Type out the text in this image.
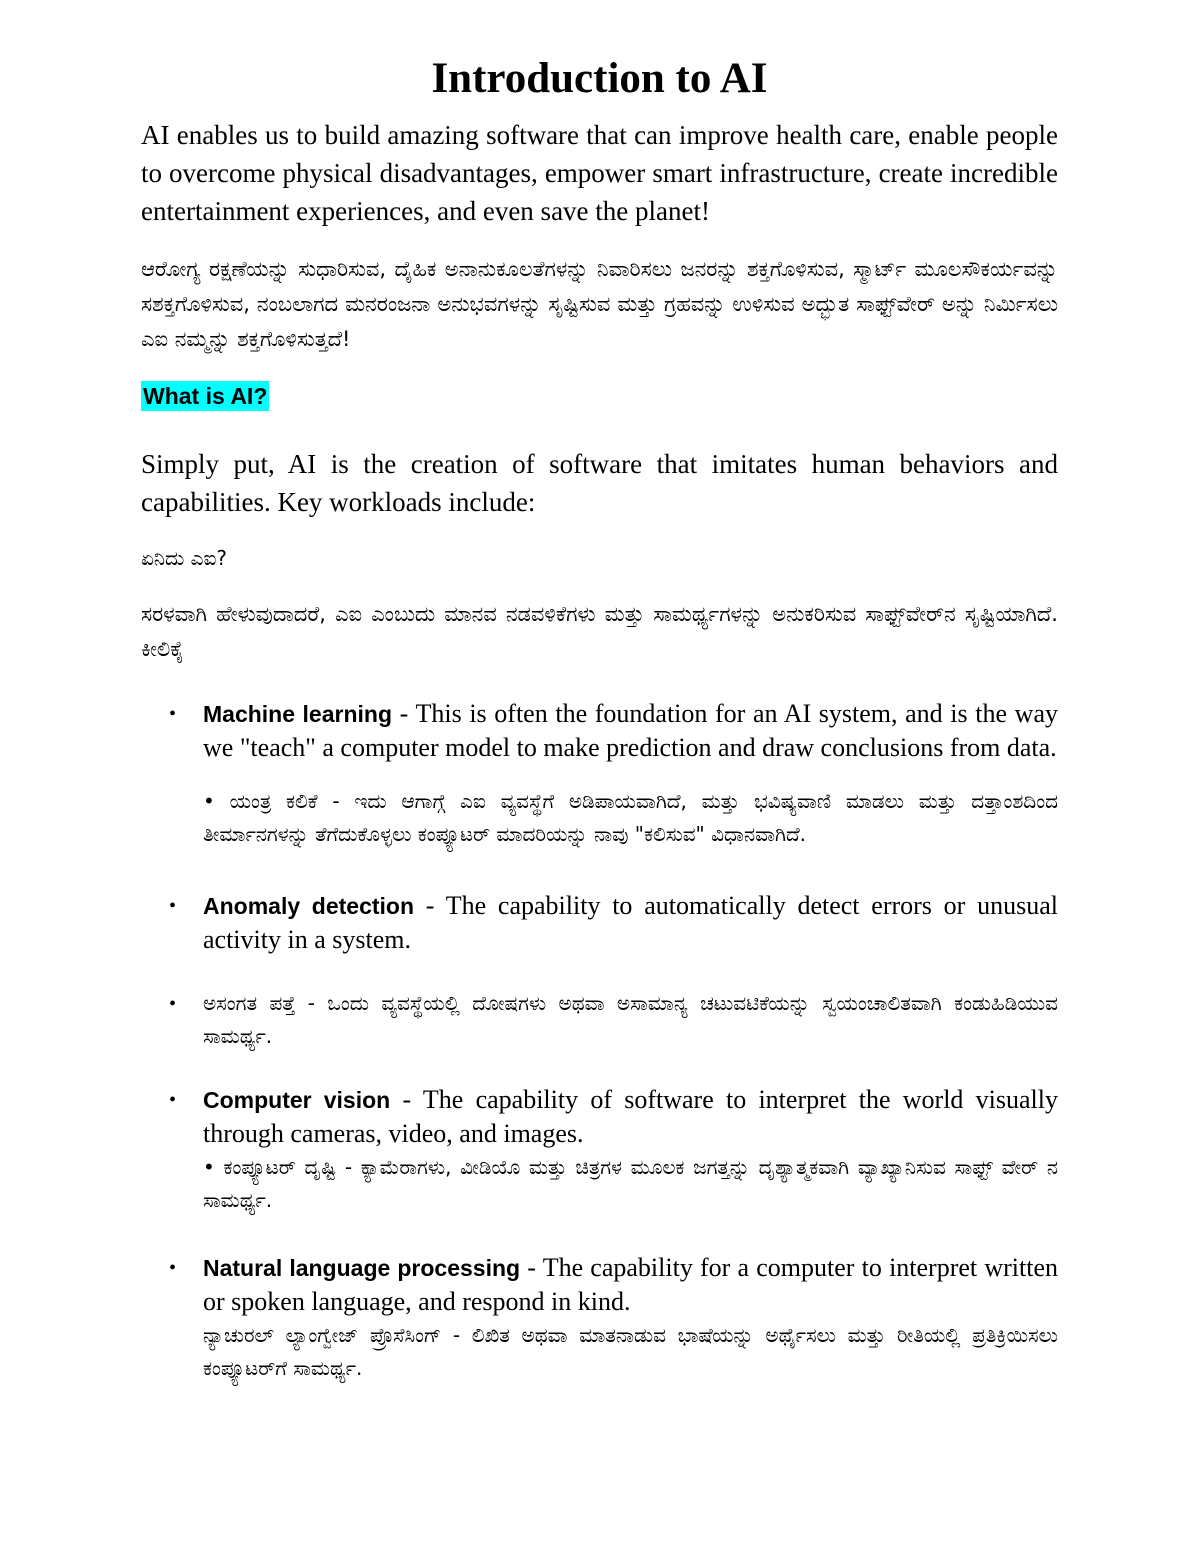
Introduction to AI

AI enables us to build amazing software that can improve health care, enable people to overcome physical disadvantages, empower smart infrastructure, create incredible entertainment experiences, and even save the planet!

ಆರೋಗ್ಯ ರಕ್ಷಣೆಯನ್ನು ಸುಧಾರಿಸುವ, ದೈಹಿಕ ಅನಾನುಕೂಲತೆಗಳನ್ನು ನಿವಾರಿಸಲು ಜನರನ್ನು ಶಕ್ತಗೊಳಿಸುವ, ಸ್ಮಾರ್ಟ್ ಮೂಲಸೌಕರ್ಯವನ್ನು ಸಶಕ್ತಗೊಳಿಸುವ, ನಂಬಲಾಗದ ಮನರಂಜನಾ ಅನುಭವಗಳನ್ನು ಸೃಷ್ಟಿಸುವ ಮತ್ತು ಗ್ರಹವನ್ನು ಉಳಿಸುವ ಅದ್ಭುತ ಸಾಫ್ಟ್‌ವೇರ್ ಅನ್ನು ನಿರ್ಮಿಸಲು ಎಐ ನಮ್ಮನ್ನು ಶಕ್ತಗೊಳಿಸುತ್ತದೆ!

What is AI?

Simply put, AI is the creation of software that imitates human behaviors and capabilities. Key workloads include:

ಏನಿದು ಎಐ?

ಸರಳವಾಗಿ ಹೇಳುವುದಾದರೆ, ಎಐ ಎಂಬುದು ಮಾನವ ನಡವಳಿಕೆಗಳು ಮತ್ತು ಸಾಮರ್ಥ್ಯಗಳನ್ನು ಅನುಕರಿಸುವ ಸಾಫ್ಟ್‌ವೇರ್‌ನ ಸೃಷ್ಟಿಯಾಗಿದೆ. ಕೀಲಿಕೈ

• Machine learning - This is often the foundation for an AI system, and is the way we "teach" a computer model to make prediction and draw conclusions from data.
• ಯಂತ್ರ ಕಲಿಕೆ - ಇದು ಆಗಾಗ್ಗೆ ಎಐ ವ್ಯವಸ್ಥೆಗೆ ಅಡಿಪಾಯವಾಗಿದೆ, ಮತ್ತು ಭವಿಷ್ಯವಾಣಿ ಮಾಡಲು ಮತ್ತು ದತ್ತಾಂಶದಿಂದ ತೀರ್ಮಾನಗಳನ್ನು ತೆಗೆದುಕೊಳ್ಳಲು ಕಂಪ್ಯೂಟರ್ ಮಾದರಿಯನ್ನು ನಾವು "ಕಲಿಸುವ" ವಿಧಾನವಾಗಿದೆ.
• Anomaly detection - The capability to automatically detect errors or unusual activity in a system.
• ಅಸಂಗತ ಪತ್ತೆ - ಒಂದು ವ್ಯವಸ್ಥೆಯಲ್ಲಿ ದೋಷಗಳು ಅಥವಾ ಅಸಾಮಾನ್ಯ ಚಟುವಟಿಕೆಯನ್ನು ಸ್ವಯಂಚಾಲಿತವಾಗಿ ಕಂಡುಹಿಡಿಯುವ ಸಾಮರ್ಥ್ಯ.
• Computer vision - The capability of software to interpret the world visually through cameras, video, and images.
• ಕಂಪ್ಯೂಟರ್ ದೃಷ್ಟಿ - ಕ್ಯಾಮೆರಾಗಳು, ವೀಡಿಯೊ ಮತ್ತು ಚಿತ್ರಗಳ ಮೂಲಕ ಜಗತ್ತನ್ನು ದೃಶ್ಯಾತ್ಮಕವಾಗಿ ವ್ಯಾಖ್ಯಾನಿಸುವ ಸಾಫ್ಟ್ ವೇರ್ ನ ಸಾಮರ್ಥ್ಯ.
• Natural language processing - The capability for a computer to interpret written or spoken language, and respond in kind.
ನ್ಯಾಚುರಲ್ ಲ್ಯಾಂಗ್ವೇಜ್ ಪ್ರೊಸೆಸಿಂಗ್ - ಲಿಖಿತ ಅಥವಾ ಮಾತನಾಡುವ ಭಾಷೆಯನ್ನು ಅರ್ಥೈಸಲು ಮತ್ತು ರೀತಿಯಲ್ಲಿ ಪ್ರತಿಕ್ರಿಯಿಸಲು ಕಂಪ್ಯೂಟರ್‌ಗೆ ಸಾಮರ್ಥ್ಯ.
